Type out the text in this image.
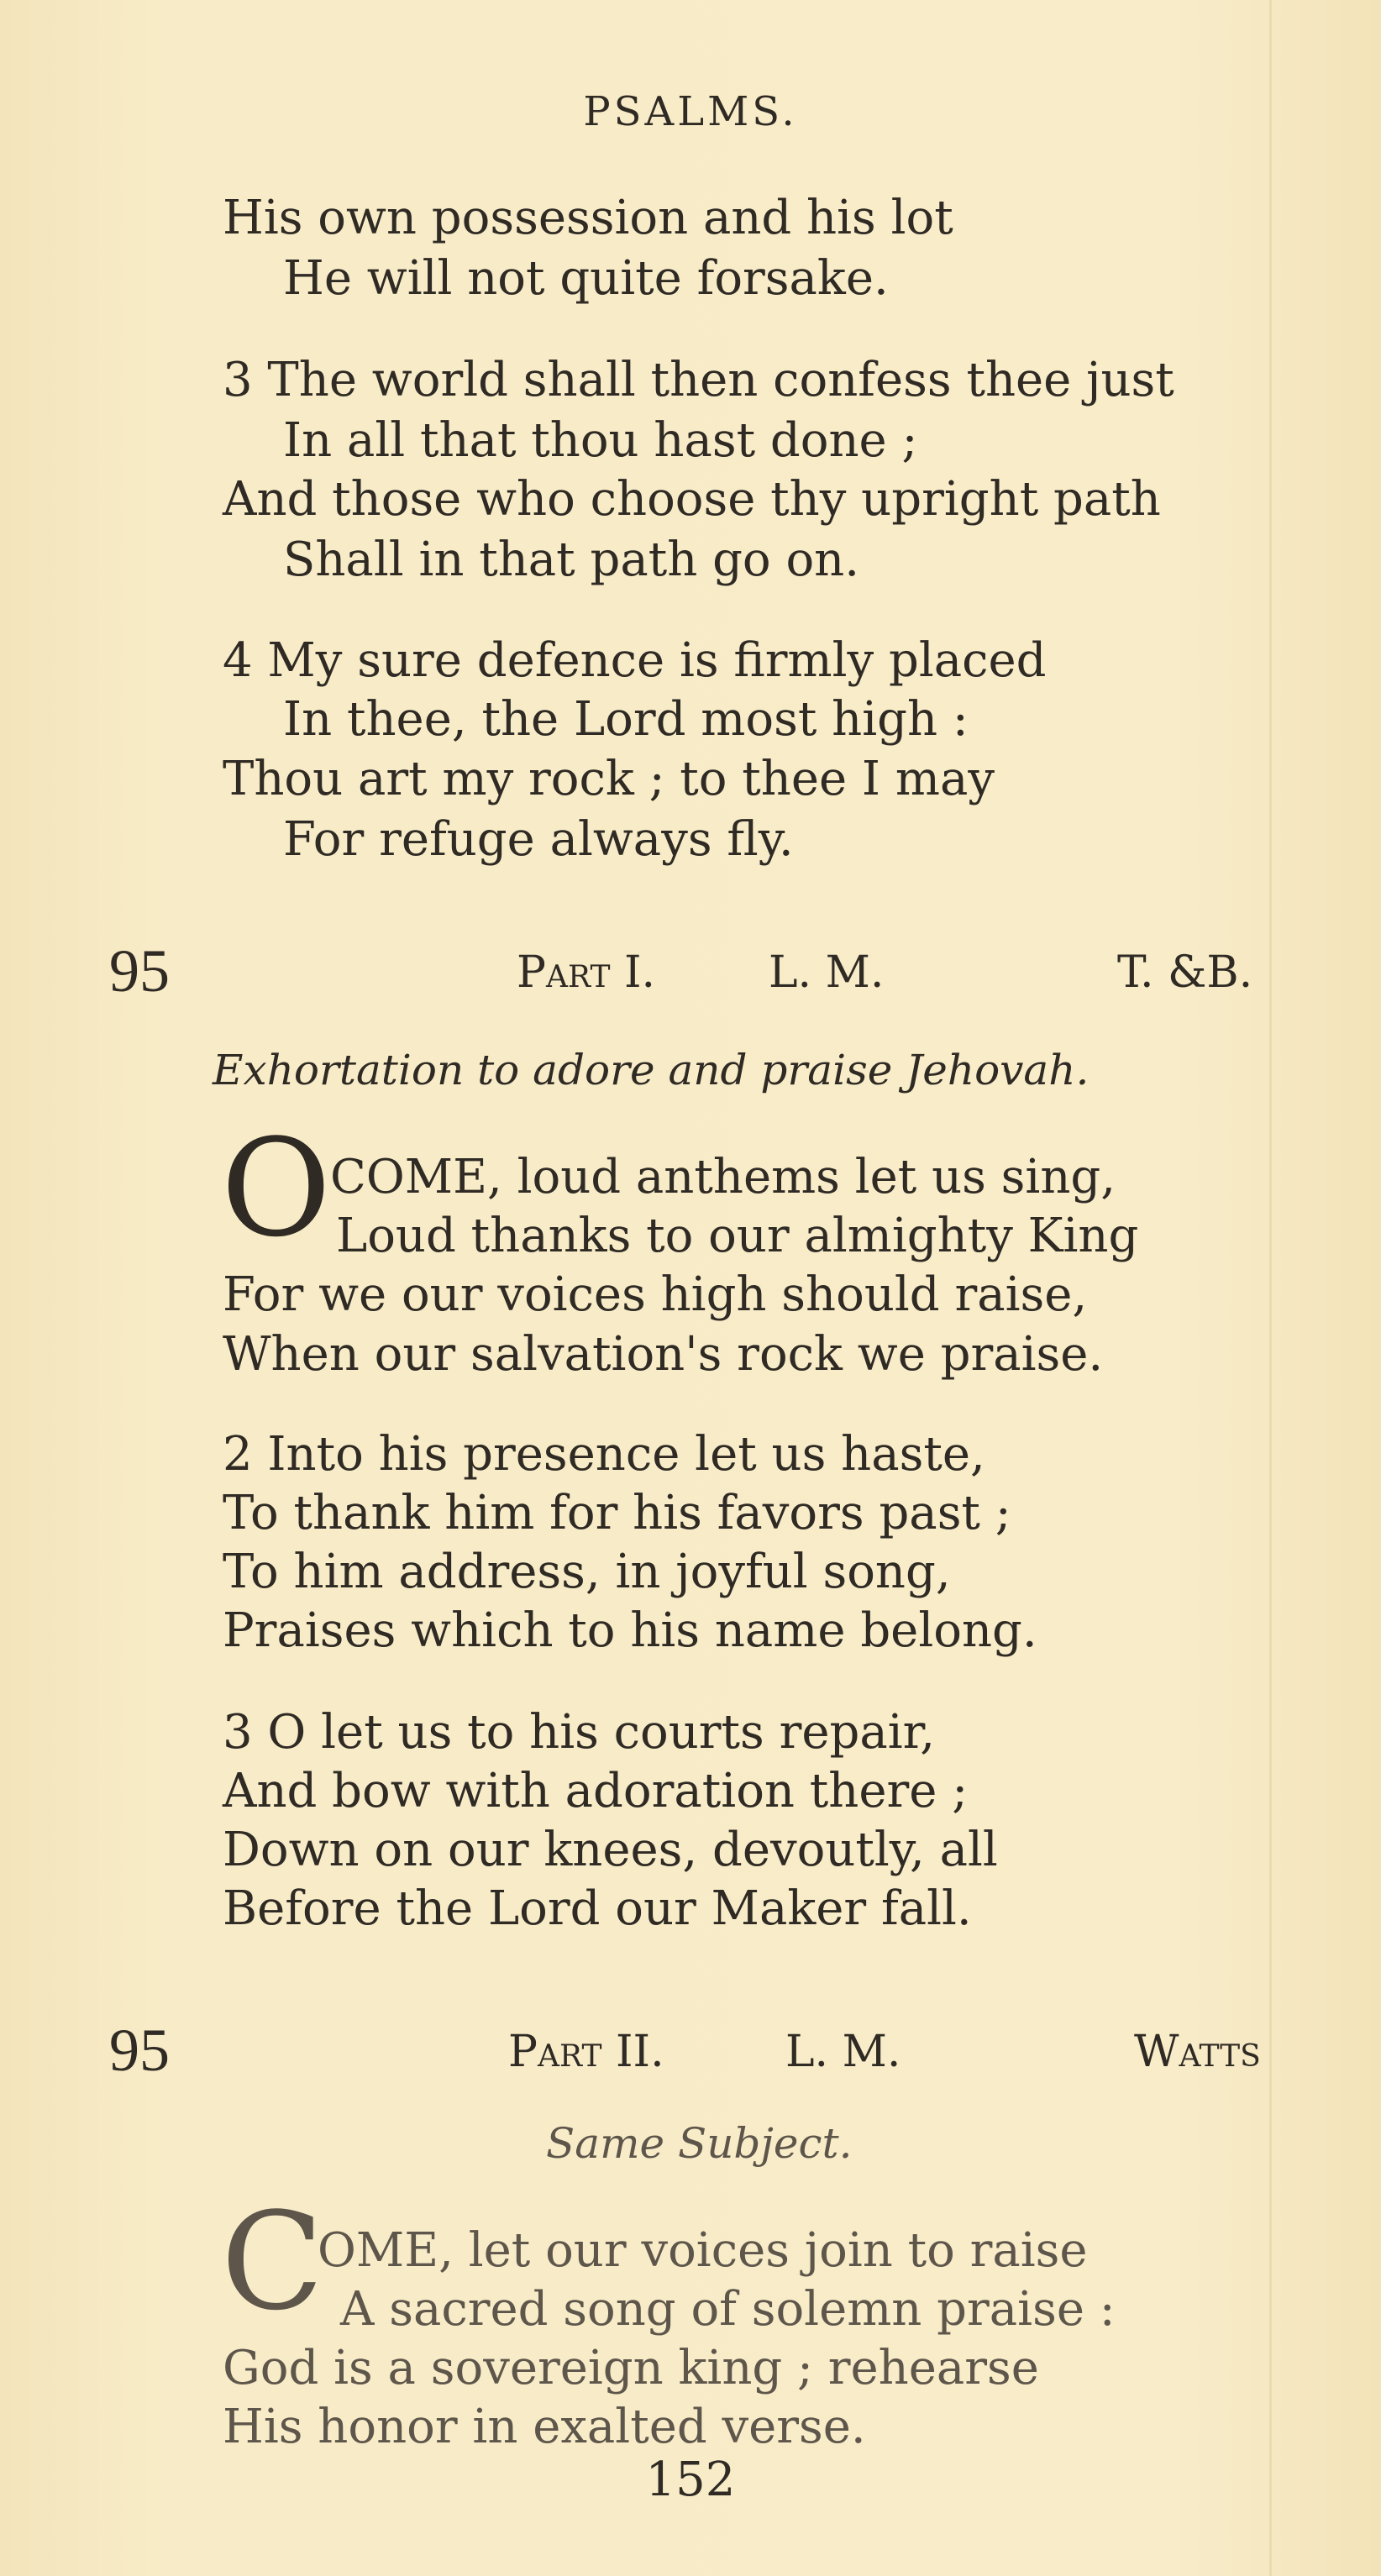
PSALMS.
His own possession and his lot
He will not quite forsake.
3 The world shall then confess thee just
In all that thou hast done ;
And those who choose thy upright path
Shall in that path go on.
4 My sure defence is firmly placed
In thee, the Lord most high :
Thou art my rock ; to thee I may
For refuge always fly.
95	Part I.	L. M.	T. &B.
Exhortation to adore and praise Jehovah.
O
COME, loud anthems let us sing,
Loud thanks to our almighty King
For we our voices high should raise,
When our salvation's rock we praise.
2 Into his presence let us haste,
To thank him for his favors past ;
To him address, in joyful song,
Praises which to his name belong.
3 O let us to his courts repair,
And bow with adoration there ;
Down on our knees, devoutly, all
Before the Lord our Maker fall.
95	Part II.	L. M.	Watts
Same Subject.
C
OME, let our voices join to raise
A sacred song of solemn praise :
God is a sovereign king ; rehearse
His honor in exalted verse.
152
